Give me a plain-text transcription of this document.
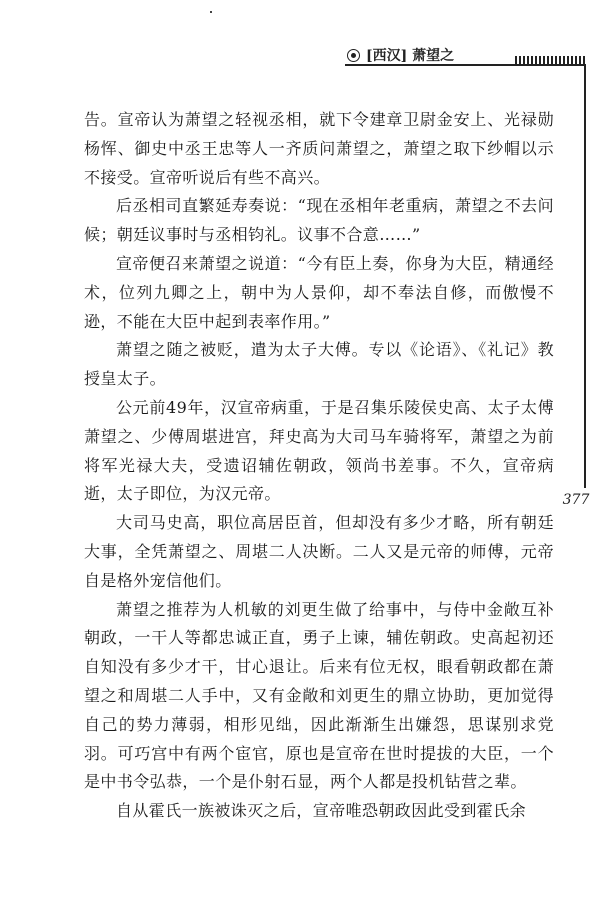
[西汉] 萧望之
377

告。宣帝认为萧望之轻视丞相，就下令建章卫尉金安上、光禄勋杨恽、御史中丞王忠等人一齐质问萧望之，萧望之取下纱帽以示不接受。宣帝听说后有些不高兴。

后丞相司直繁延寿奏说：“现在丞相年老重病，萧望之不去问候；朝廷议事时与丞相钧礼。议事不合意……”

宣帝便召来萧望之说道：“今有臣上奏，你身为大臣，精通经术，位列九卿之上，朝中为人景仰，却不奉法自修，而傲慢不逊，不能在大臣中起到表率作用。”

萧望之随之被贬，遣为太子大傅。专以《论语》、《礼记》教授皇太子。

公元前49年，汉宣帝病重，于是召集乐陵侯史高、太子太傅萧望之、少傅周堪进宫，拜史高为大司马车骑将军，萧望之为前将军光禄大夫，受遗诏辅佐朝政，领尚书差事。不久，宣帝病逝，太子即位，为汉元帝。

大司马史高，职位高居臣首，但却没有多少才略，所有朝廷大事，全凭萧望之、周堪二人决断。二人又是元帝的师傅，元帝自是格外宠信他们。

萧望之推荐为人机敏的刘更生做了给事中，与侍中金敞互补朝政，一干人等都忠诚正直，勇子上谏，辅佐朝政。史高起初还自知没有多少才干，甘心退让。后来有位无权，眼看朝政都在萧望之和周堪二人手中，又有金敞和刘更生的鼎立协助，更加觉得自己的势力薄弱，相形见绌，因此渐渐生出嫌怨，思谋别求党羽。可巧宫中有两个宦官，原也是宣帝在世时提拔的大臣，一个是中书令弘恭，一个是仆射石显，两个人都是投机钻营之辈。

自从霍氏一族被诛灭之后，宣帝唯恐朝政因此受到霍氏余
